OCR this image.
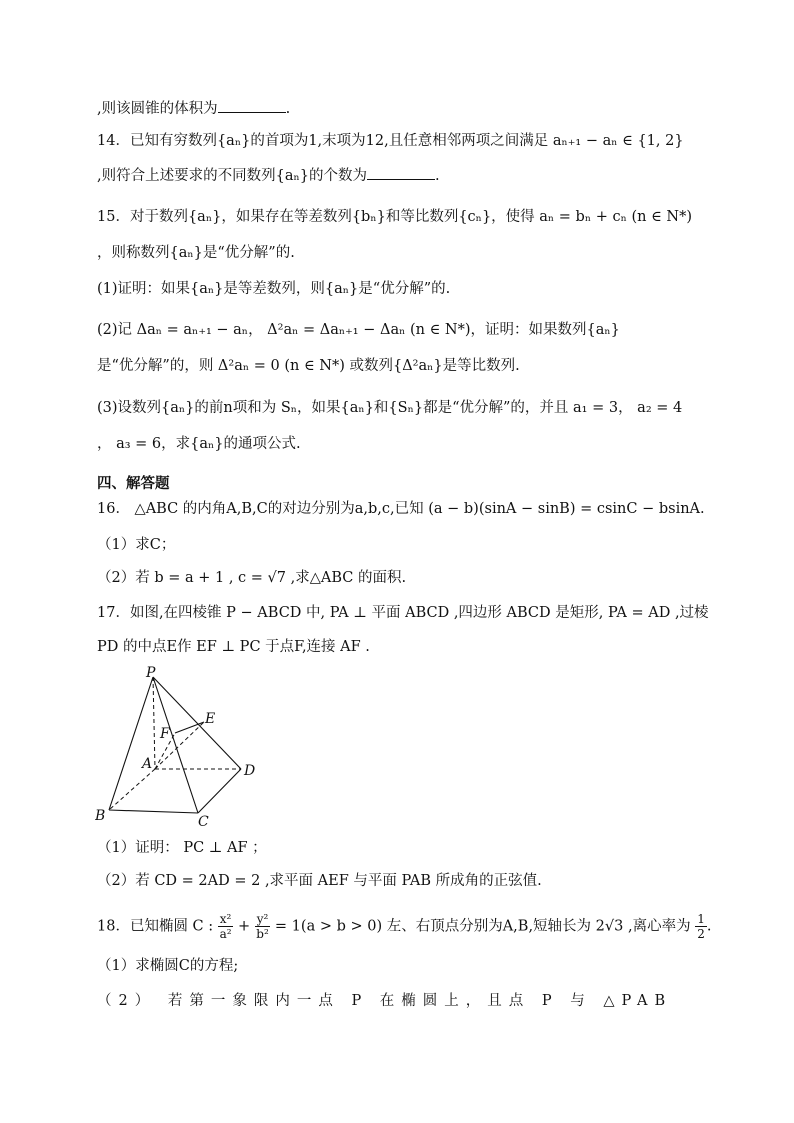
,则该圆锥的体积为	.
14．已知有穷数列{aₙ}的首项为1,末项为12,且任意相邻两项之间满足 aₙ₊₁ − aₙ ∈ {1, 2}
,则符合上述要求的不同数列{aₙ}的个数为	.
15．对于数列{aₙ}，如果存在等差数列{bₙ}和等比数列{cₙ}，使得 aₙ = bₙ + cₙ (n ∈ N*)
，则称数列{aₙ}是“优分解”的.
(1)证明：如果{aₙ}是等差数列，则{aₙ}是“优分解”的.
(2)记 Δaₙ = aₙ₊₁ − aₙ， Δ²aₙ = Δaₙ₊₁ − Δaₙ (n ∈ N*)，证明：如果数列{aₙ}
是“优分解”的，则 Δ²aₙ = 0 (n ∈ N*) 或数列{Δ²aₙ}是等比数列.
(3)设数列{aₙ}的前n项和为 Sₙ，如果{aₙ}和{Sₙ}都是“优分解”的，并且 a₁ = 3， a₂ = 4
， a₃ = 6，求{aₙ}的通项公式.
四、解答题
16． △ABC 的内角A,B,C的对边分别为a,b,c,已知 (a − b)(sinA − sinB) = csinC − bsinA.
（1）求C；
（2）若 b = a + 1 , c = √7 ,求△ABC 的面积.
17．如图,在四棱锥 P − ABCD 中, PA ⊥ 平面 ABCD ,四边形 ABCD 是矩形, PA = AD ,过棱
PD 的中点E作 EF ⊥ PC 于点F,连接 AF .
P
E
F
A	D
B	C
（1）证明： PC ⊥ AF ；
（2）若 CD = 2AD = 2 ,求平面 AEF 与平面 PAB 所成角的正弦值.
18．已知椭圆 C : $\frac{\text{x²}}{\text{a²}} + \frac{\text{y²}}{\text{b²}} = 1(a > b > 0)$ 左、右顶点分别为A,B,短轴长为 2√3 ,离心率为 $\frac{1}{2}$ .
（1）求椭圆C的方程;
（2） 若第一象限内一点 P 在椭圆上，且点 P 与 △PAB
